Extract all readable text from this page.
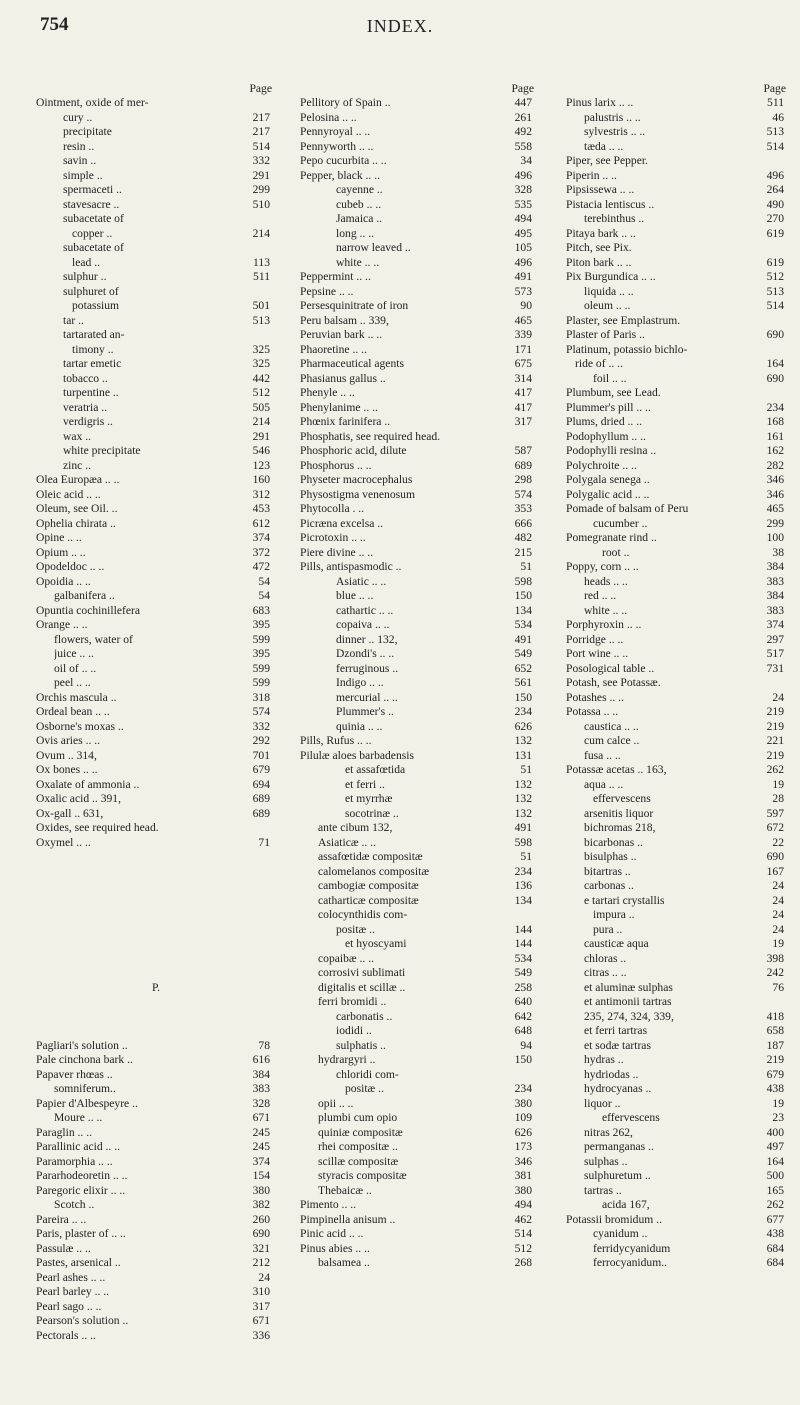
754	INDEX.
Page
Ointment, oxide of mer-
cury ..	217
precipitate	217
resin ..	514
savin ..	332
simple ..	291
spermaceti ..	299
stavesacre ..	510
subacetate of
copper ..	214
subacetate of
lead ..	113
sulphur ..	511
sulphuret of
potassium	501
tar ..	513
tartarated an-
timony ..	325
tartar emetic	325
tobacco ..	442
turpentine ..	512
veratria ..	505
verdigris ..	214
wax ..	291
white precipitate	546
zinc ..	123
Olea Europæa .. ..	160
Oleic acid .. ..	312
Oleum, see Oil. ..	453
Ophelia chirata ..	612
Opine .. ..	374
Opium .. ..	372
Opodeldoc .. ..	472
Opoidia .. ..	54
galbanifera ..	54
Opuntia cochinillefera	683
Orange .. ..	395
flowers, water of	599
juice .. ..	395
oil of .. ..	599
peel .. ..	599
Orchis mascula ..	318
Ordeal bean .. ..	574
Osborne's moxas ..	332
Ovis aries .. ..	292
Ovum .. 314,	701
Ox bones .. ..	679
Oxalate of ammonia ..	694
Oxalic acid .. 391,	689
Ox-gall .. 631,	689
Oxides, see required head.
Oxymel .. ..	71
P.
Pagliari's solution ..	78
Pale cinchona bark ..	616
Papaver rhœas ..	384
somniferum..	383
Papier d'Albespeyre ..	328
Moure .. ..	671
Paraglin .. ..	245
Parallinic acid .. ..	245
Paramorphia .. ..	374
Pararhodeoretin .. ..	154
Paregoric elixir .. ..	380
Scotch ..	382
Pareira .. ..	260
Paris, plaster of .. ..	690
Passulæ .. ..	321
Pastes, arsenical ..	212
Pearl ashes .. ..	24
Pearl barley .. ..	310
Pearl sago .. ..	317
Pearson's solution ..	671
Pectorals .. ..	336
Page
Pellitory of Spain ..	447
Pelosina .. ..	261
Pennyroyal .. ..	492
Pennyworth .. ..	558
Pepo cucurbita .. ..	34
Pepper, black .. ..	496
cayenne ..	328
cubeb .. ..	535
Jamaica ..	494
long .. ..	495
narrow leaved ..	105
white .. ..	496
Peppermint .. ..	491
Pepsine .. ..	573
Persesquinitrate of iron	90
Peru balsam .. 339,	465
Peruvian bark .. ..	339
Phaoretine .. ..	171
Pharmaceutical agents	675
Phasianus gallus ..	314
Phenyle .. ..	417
Phenylanime .. ..	417
Phœnix farinifera ..	317
Phosphatis, see required head.
Phosphoric acid, dilute	587
Phosphorus .. ..	689
Physeter macrocephalus	298
Physostigma venenosum	574
Phytocolla . ..	353
Picræna excelsa ..	666
Picrotoxin .. ..	482
Piere divine .. ..	215
Pills, antispasmodic ..	51
Asiatic .. ..	598
blue .. ..	150
cathartic .. ..	134
copaiva .. ..	534
dinner .. 132,	491
Dzondi's .. ..	549
ferruginous ..	652
Indigo .. ..	561
mercurial .. ..	150
Plummer's ..	234
quinia .. ..	626
Pills, Rufus .. ..	132
Pilulæ aloes barbadensis	131
et assafœtida	51
et ferri ..	132
et myrrhæ	132
socotrinæ ..	132
ante cibum 132,	491
Asiaticæ .. ..	598
assafœtidæ compositæ	51
calomelanos compositæ	234
cambogiæ compositæ	136
catharticæ compositæ	134
colocynthidis com-
positæ ..	144
et hyoscyami	144
copaibæ .. ..	534
corrosivi sublimati	549
digitalis et scillæ ..	258
ferri bromidi ..	640
carbonatis ..	642
iodidi ..	648
sulphatis ..	94
hydrargyri ..	150
chloridi com-
positæ ..	234
opii .. ..	380
plumbi cum opio	109
quiniæ compositæ	626
rhei compositæ ..	173
scillæ compositæ	346
styracis compositæ	381
Thebaicæ ..	380
Pimento .. ..	494
Pimpinella anisum ..	462
Pinic acid .. ..	514
Pinus abies .. ..	512
balsamea ..	268
Page
Pinus larix .. ..	511
palustris .. ..	46
sylvestris .. ..	513
tæda .. ..	514
Piper, see Pepper.
Piperin .. ..	496
Pipsissewa .. ..	264
Pistacia lentiscus ..	490
terebinthus ..	270
Pitaya bark .. ..	619
Pitch, see Pix.
Piton bark .. ..	619
Pix Burgundica .. ..	512
liquida .. ..	513
oleum .. ..	514
Plaster, see Emplastrum.
Plaster of Paris ..	690
Platinum, potassio bichlo-
ride of .. ..	164
foil .. ..	690
Plumbum, see Lead.
Plummer's pill .. ..	234
Plums, dried .. ..	168
Podophyllum .. ..	161
Podophylli resina ..	162
Polychroite .. ..	282
Polygala senega ..	346
Polygalic acid .. ..	346
Pomade of balsam of Peru	465
cucumber ..	299
Pomegranate rind ..	100
root ..	38
Poppy, corn .. ..	384
heads .. ..	383
red .. ..	384
white .. ..	383
Porphyroxin .. ..	374
Porridge .. ..	297
Port wine .. ..	517
Posological table ..	731
Potash, see Potassæ.
Potashes .. ..	24
Potassa .. ..	219
caustica .. ..	219
cum calce ..	221
fusa .. ..	219
Potassæ acetas .. 163,	262
aqua .. ..	19
effervescens	28
arsenitis liquor	597
bichromas 218,	672
bicarbonas ..	22
bisulphas ..	690
bitartras ..	167
carbonas ..	24
e tartari crystallis	24
impura ..	24
pura ..	24
causticæ aqua	19
chloras ..	398
citras .. ..	242
et aluminæ sulphas	76
et antimonii tartras
235, 274, 324, 339,	418
et ferri tartras	658
et sodæ tartras	187
hydras ..	219
hydriodas ..	679
hydrocyanas ..	438
liquor ..	19
effervescens	23
nitras 262,	400
permanganas ..	497
sulphas ..	164
sulphuretum ..	500
tartras ..	165
acida 167,	262
Potassii bromidum ..	677
cyanidum ..	438
ferridycyanidum	684
ferrocyanidum..	684
